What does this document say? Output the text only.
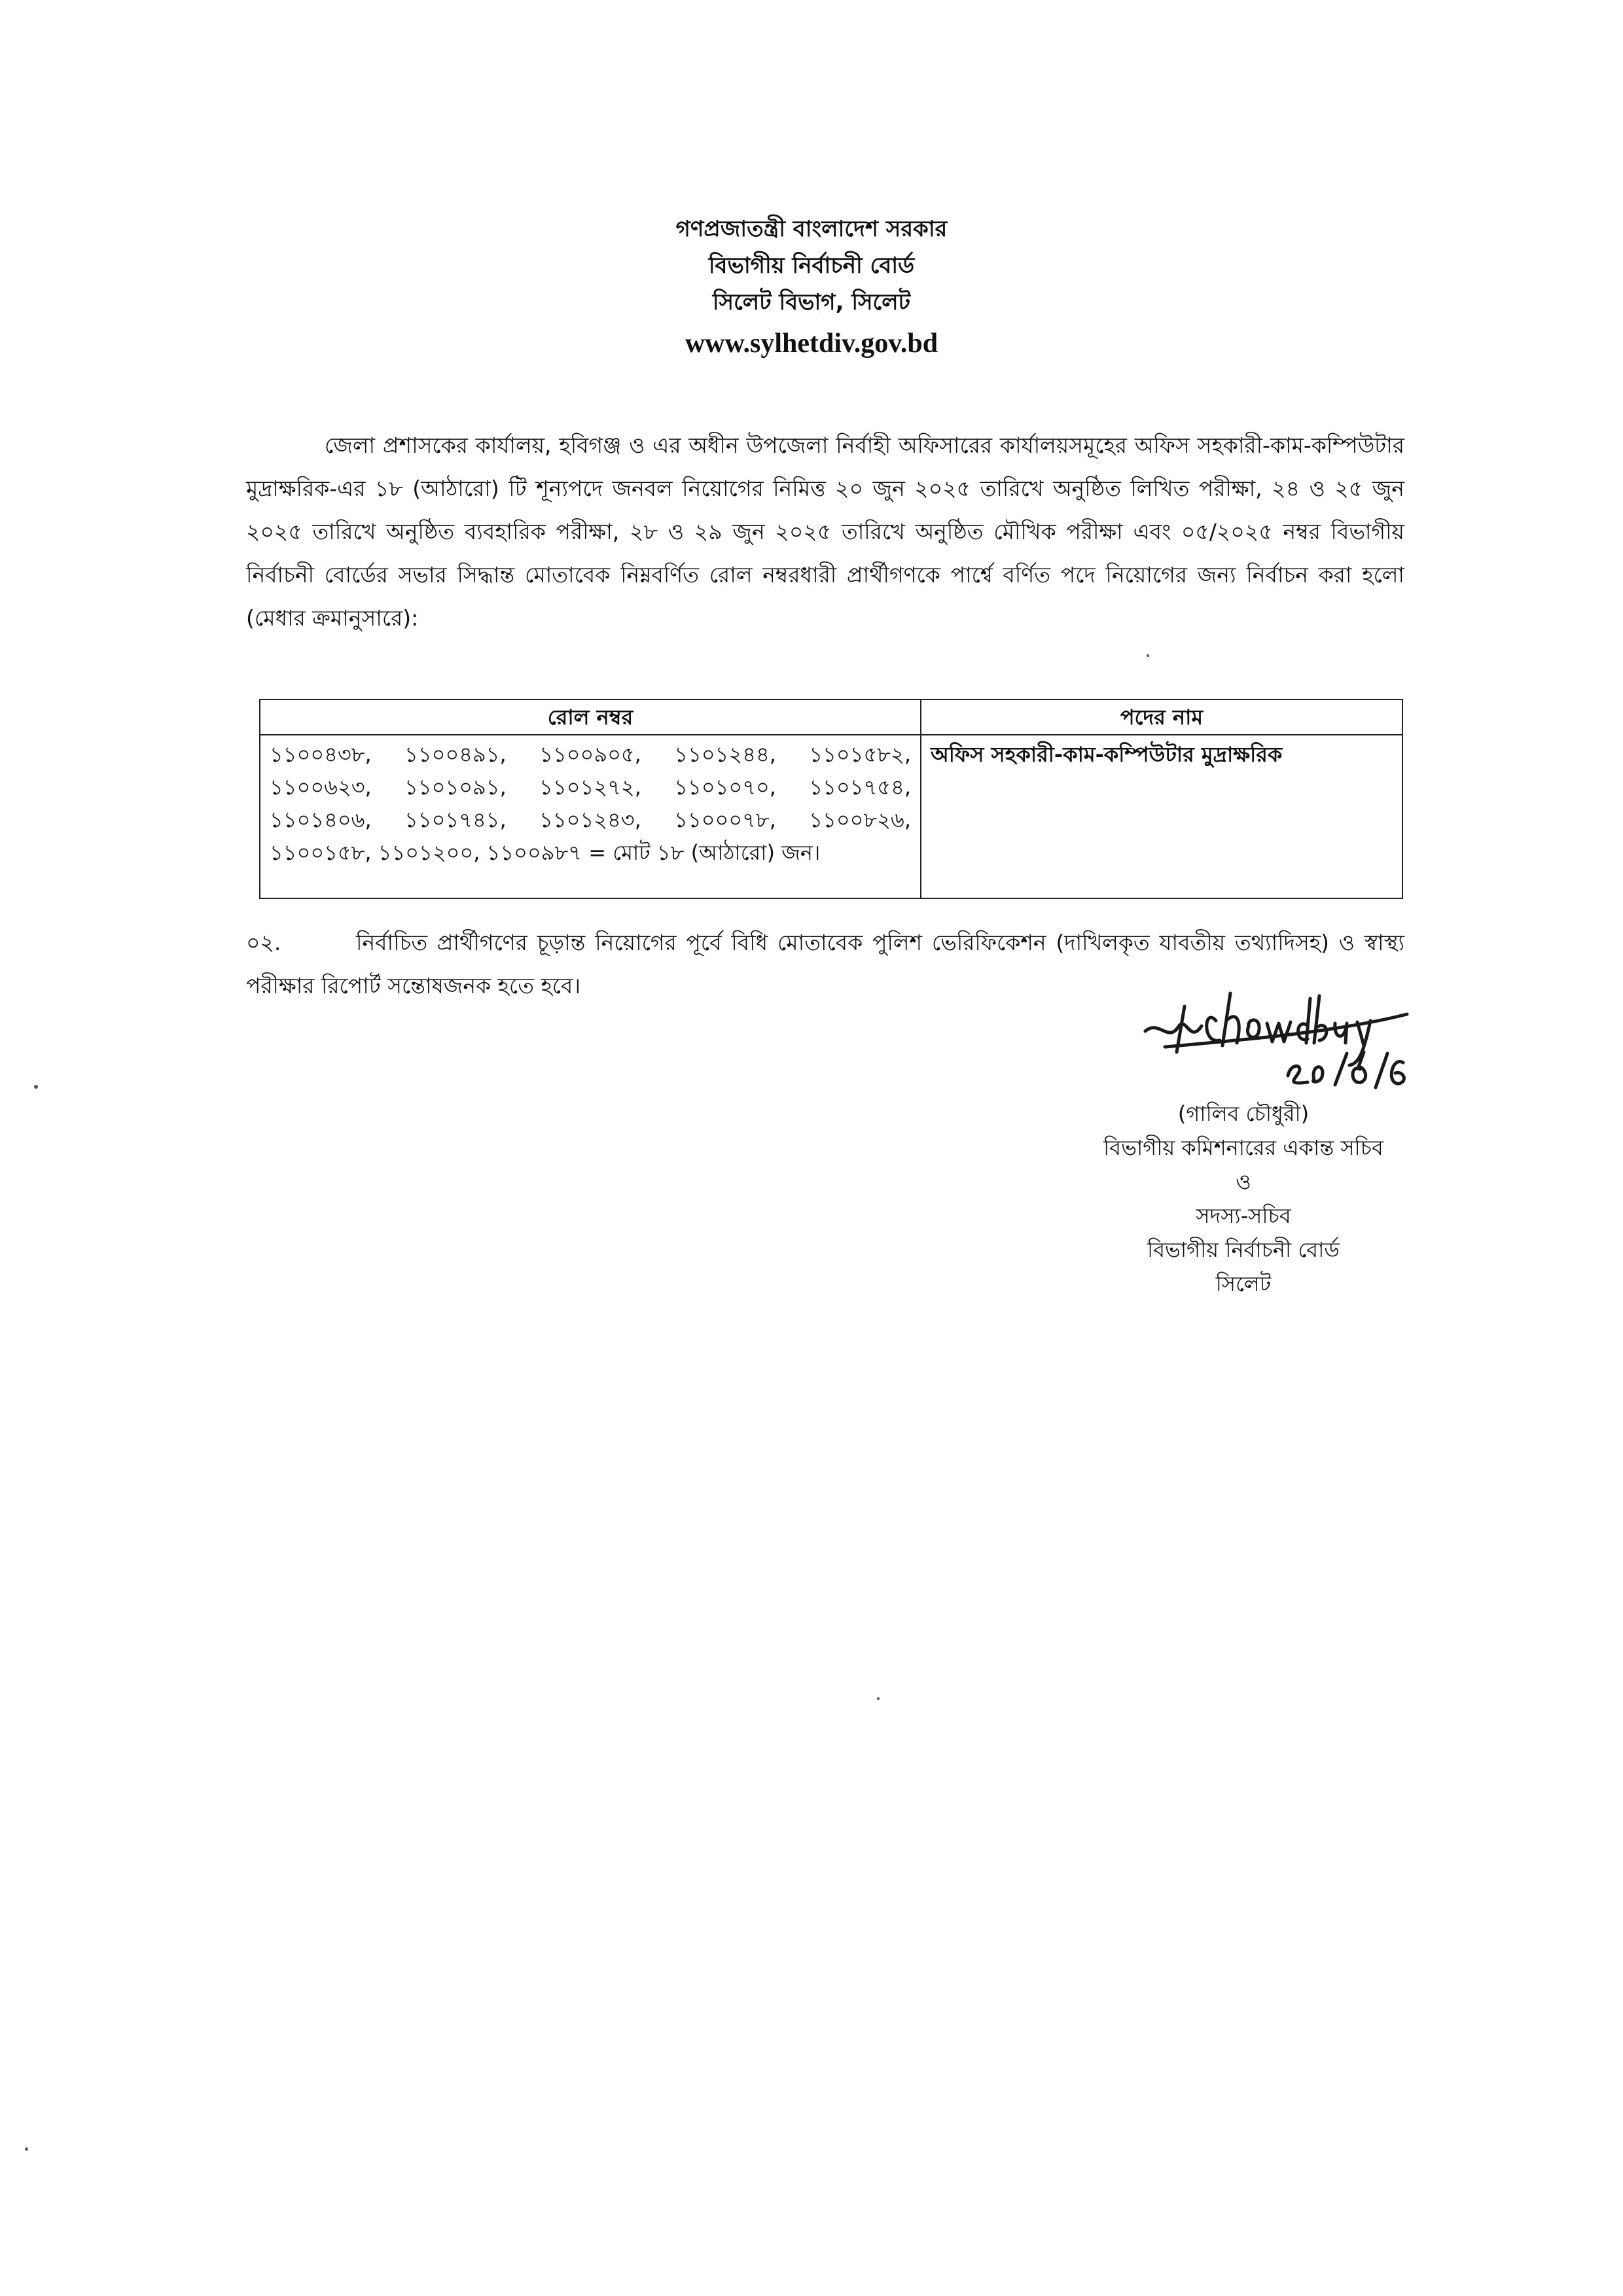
গণপ্রজাতন্ত্রী বাংলাদেশ সরকার
বিভাগীয় নির্বাচনী বোর্ড
সিলেট বিভাগ, সিলেট
www.sylhetdiv.gov.bd
জেলা প্রশাসকের কার্যালয়, হবিগঞ্জ ও এর অধীন উপজেলা নির্বাহী অফিসারের কার্যালয়সমূহের অফিস সহকারী-কাম-কম্পিউটার মুদ্রাক্ষরিক-এর ১৮ (আঠারো) টি শূন্যপদে জনবল নিয়োগের নিমিত্ত ২০ জুন ২০২৫ তারিখে অনুষ্ঠিত লিখিত পরীক্ষা, ২৪ ও ২৫ জুন ২০২৫ তারিখে অনুষ্ঠিত ব্যবহারিক পরীক্ষা, ২৮ ও ২৯ জুন ২০২৫ তারিখে অনুষ্ঠিত মৌখিক পরীক্ষা এবং ০৫/২০২৫ নম্বর বিভাগীয় নির্বাচনী বোর্ডের সভার সিদ্ধান্ত মোতাবেক নিম্নবর্ণিত রোল নম্বরধারী প্রার্থীগণকে পার্শ্বে বর্ণিত পদে নিয়োগের জন্য নির্বাচন করা হলো (মেধার ক্রমানুসারে):
রোল নম্বর	পদের নাম
১১০০৪৩৮, ১১০০৪৯১, ১১০০৯০৫, ১১০১২৪৪, ১১০১৫৮২, ১১০০৬২৩, ১১০১০৯১, ১১০১২৭২, ১১০১০৭০, ১১০১৭৫৪, ১১০১৪০৬, ১১০১৭৪১, ১১০১২৪৩, ১১০০০৭৮, ১১০০৮২৬, ১১০০১৫৮, ১১০১২০০, ১১০০৯৮৭ = মোট ১৮ (আঠারো) জন।	অফিস সহকারী-কাম-কম্পিউটার মুদ্রাক্ষরিক
০২.	নির্বাচিত প্রার্থীগণের চূড়ান্ত নিয়োগের পূর্বে বিধি মোতাবেক পুলিশ ভেরিফিকেশন (দাখিলকৃত যাবতীয় তথ্যাদিসহ) ও স্বাস্থ্য পরীক্ষার রিপোর্ট সন্তোষজনক হতে হবে।
(গালিব চৌধুরী)
বিভাগীয় কমিশনারের একান্ত সচিব
ও
সদস্য-সচিব
বিভাগীয় নির্বাচনী বোর্ড
সিলেট
